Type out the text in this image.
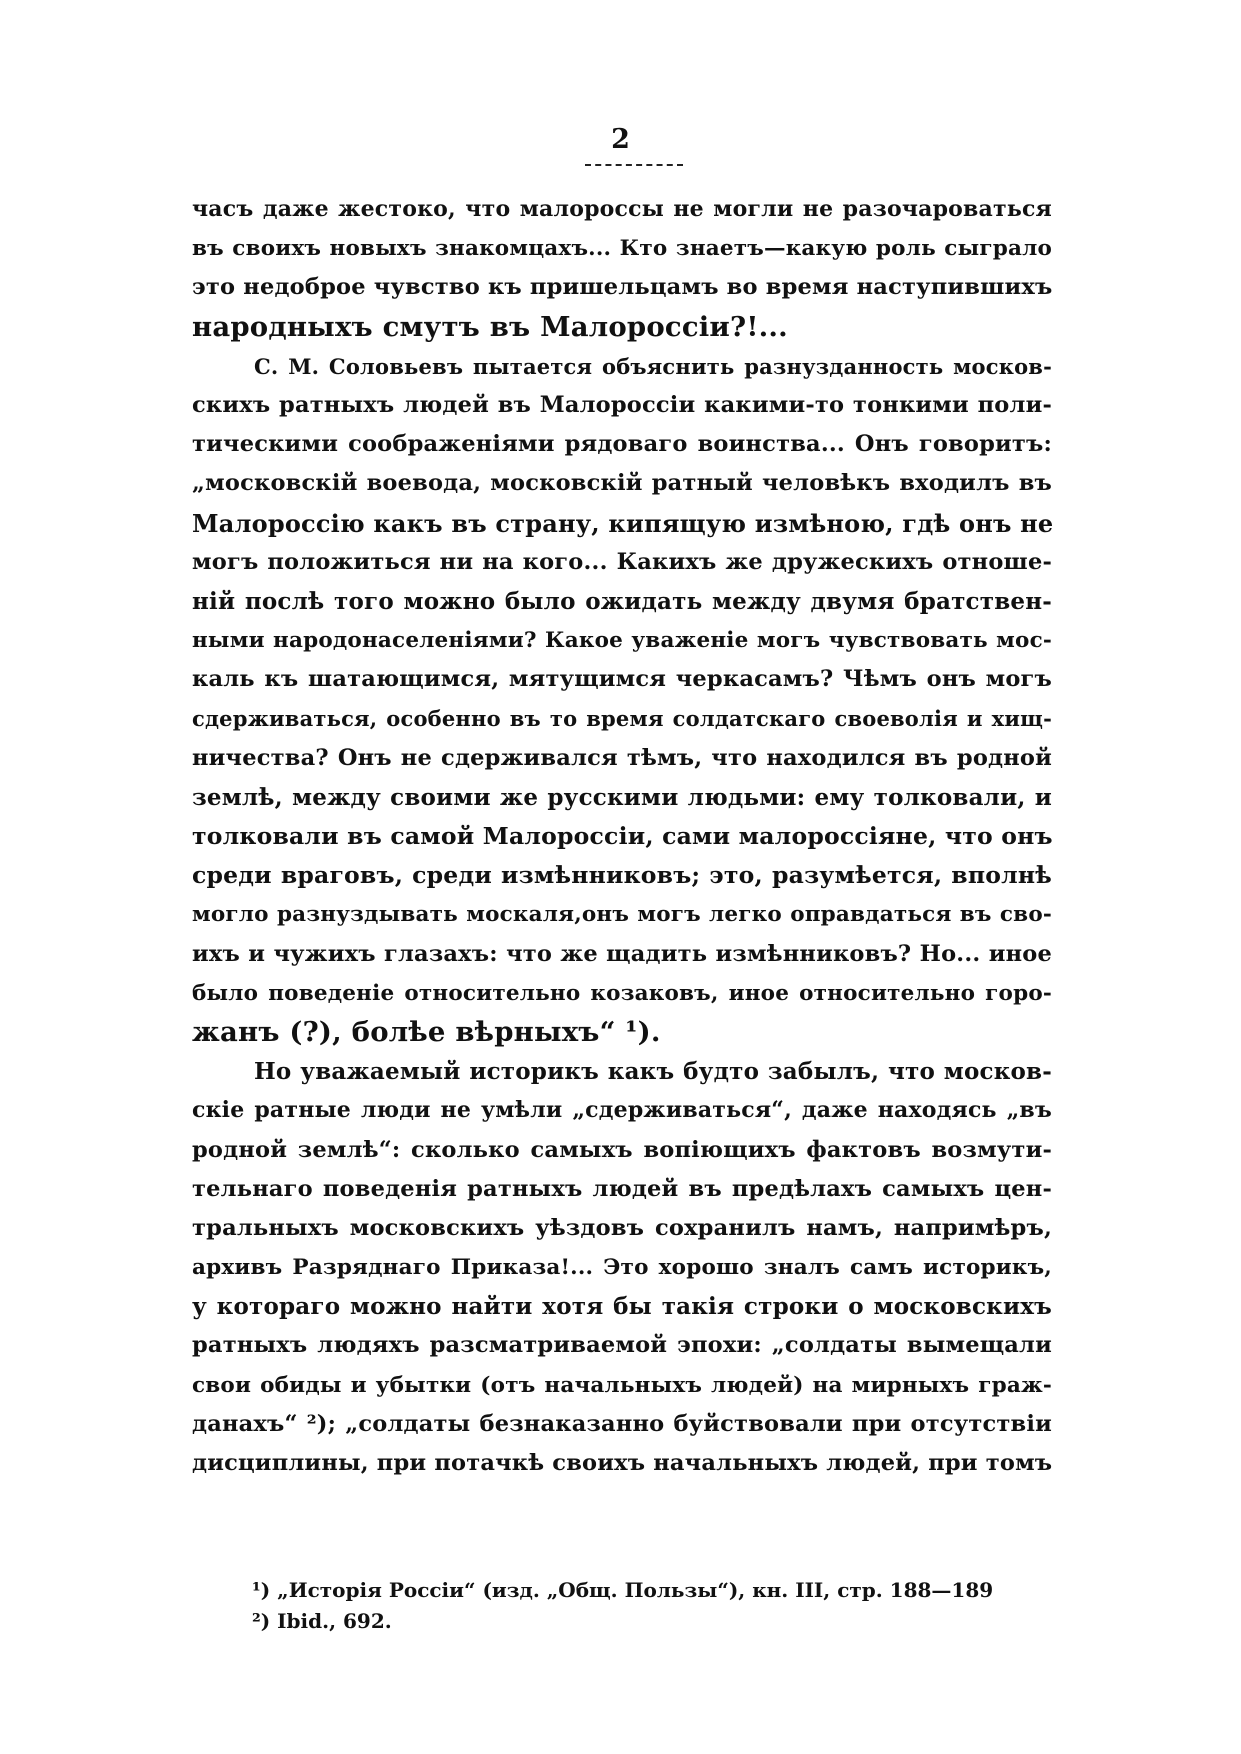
2
часъ даже жестоко, что малороссы не могли не разочароваться
въ своихъ новыхъ знакомцахъ... Кто знаетъ—какую роль сыграло
это недоброе чувство къ пришельцамъ во время наступившихъ
народныхъ смутъ въ Малороссіи?!...
С. М. Соловьевъ пытается объяснить разнузданность москов-
скихъ ратныхъ людей въ Малороссіи какими-то тонкими поли-
тическими соображеніями рядоваго воинства... Онъ говоритъ:
„московскій воевода, московскій ратный человѣкъ входилъ въ
Малороссію какъ въ страну, кипящую измѣною, гдѣ онъ не
могъ положиться ни на кого... Какихъ же дружескихъ отноше-
ній послѣ того можно было ожидать между двумя братствен-
ными народонаселеніями? Какое уваженіе могъ чувствовать мос-
каль къ шатающимся, мятущимся черкасамъ? Чѣмъ онъ могъ
сдерживаться, особенно въ то время солдатскаго своеволія и хищ-
ничества? Онъ не сдерживался тѣмъ, что находился въ родной
землѣ, между своими же русскими людьми: ему толковали, и
толковали въ самой Малороссіи, сами малороссіяне, что онъ
среди враговъ, среди измѣнниковъ; это, разумѣется, вполнѣ
могло разнуздывать москаля,онъ могъ легко оправдаться въ сво-
ихъ и чужихъ глазахъ: что же щадить измѣнниковъ? Но... иное
было поведеніе относительно козаковъ, иное относительно горо-
жанъ (?), болѣе вѣрныхъ“ ¹).
Но уважаемый историкъ какъ будто забылъ, что москов-
скіе ратные люди не умѣли „сдерживаться“, даже находясь „въ
родной землѣ“: сколько самыхъ вопіющихъ фактовъ возмути-
тельнаго поведенія ратныхъ людей въ предѣлахъ самыхъ цен-
тральныхъ московскихъ уѣздовъ сохранилъ намъ, напримѣръ,
архивъ Разряднаго Приказа!... Это хорошо зналъ самъ историкъ,
у котораго можно найти хотя бы такія строки о московскихъ
ратныхъ людяхъ разсматриваемой эпохи: „солдаты вымещали
свои обиды и убытки (отъ начальныхъ людей) на мирныхъ граж-
данахъ“ ²); „солдаты безнаказанно буйствовали при отсутствіи
дисциплины, при потачкѣ своихъ начальныхъ людей, при томъ
¹) „Исторія Россіи“ (изд. „Общ. Пользы“), кн. III, стр. 188—189
²) Ibid., 692.
